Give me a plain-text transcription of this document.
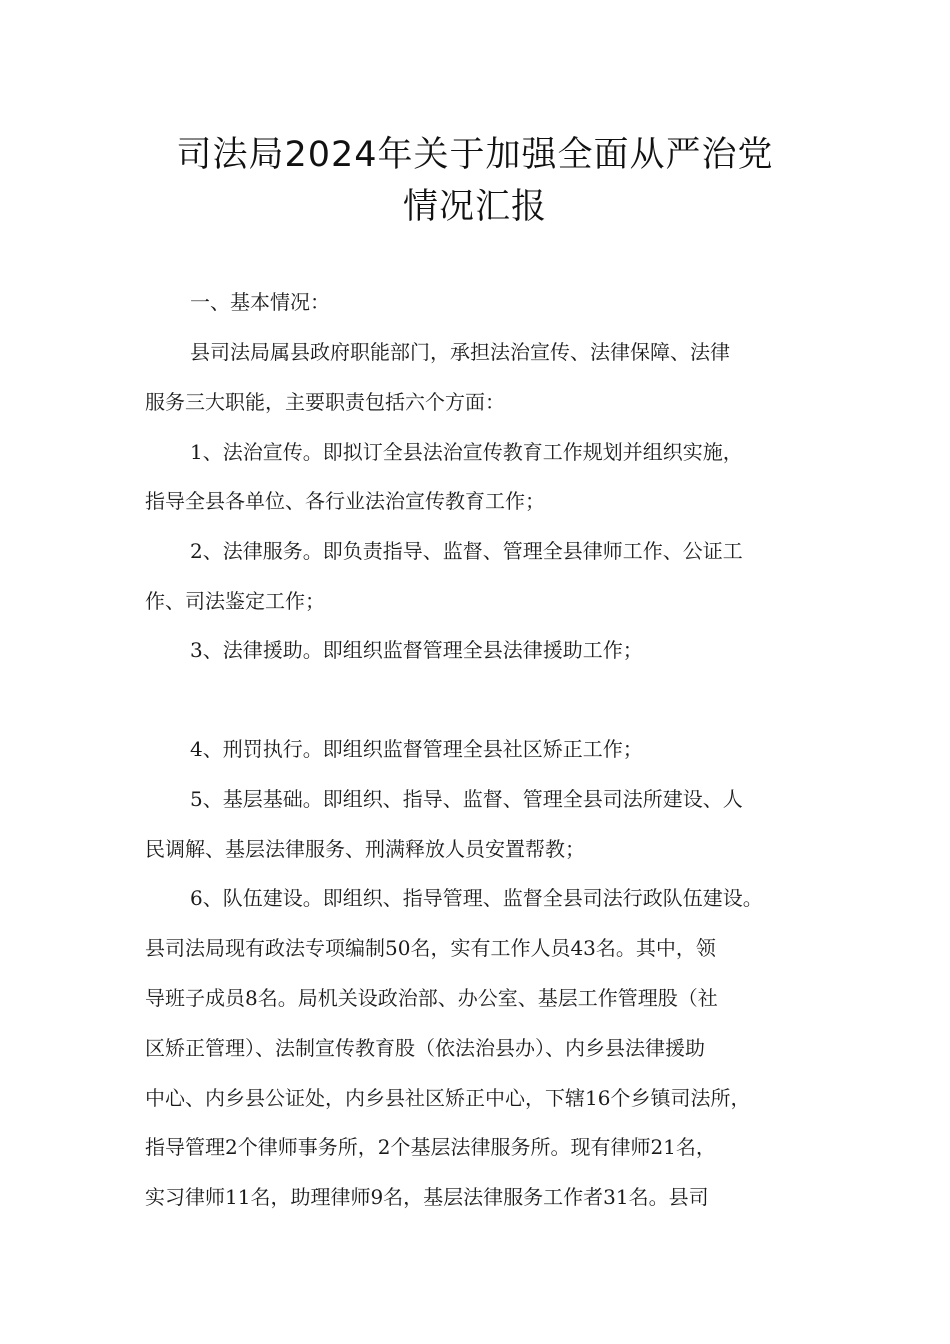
司法局2024年关于加强全面从严治党
情况汇报
一、基本情况：
县司法局属县政府职能部门，承担法治宣传、法律保障、法律
服务三大职能，主要职责包括六个方面：
1、法治宣传。即拟订全县法治宣传教育工作规划并组织实施，
指导全县各单位、各行业法治宣传教育工作；
2、法律服务。即负责指导、监督、管理全县律师工作、公证工
作、司法鉴定工作；
3、法律援助。即组织监督管理全县法律援助工作；
4、刑罚执行。即组织监督管理全县社区矫正工作；
5、基层基础。即组织、指导、监督、管理全县司法所建设、人
民调解、基层法律服务、刑满释放人员安置帮教；
6、队伍建设。即组织、指导管理、监督全县司法行政队伍建设。
县司法局现有政法专项编制50名，实有工作人员43名。其中，领
导班子成员8名。局机关设政治部、办公室、基层工作管理股（社
区矫正管理）、法制宣传教育股（依法治县办）、内乡县法律援助
中心、内乡县公证处，内乡县社区矫正中心，下辖16个乡镇司法所，
指导管理2个律师事务所，2个基层法律服务所。现有律师21名，
实习律师11名，助理律师9名，基层法律服务工作者31名。县司
